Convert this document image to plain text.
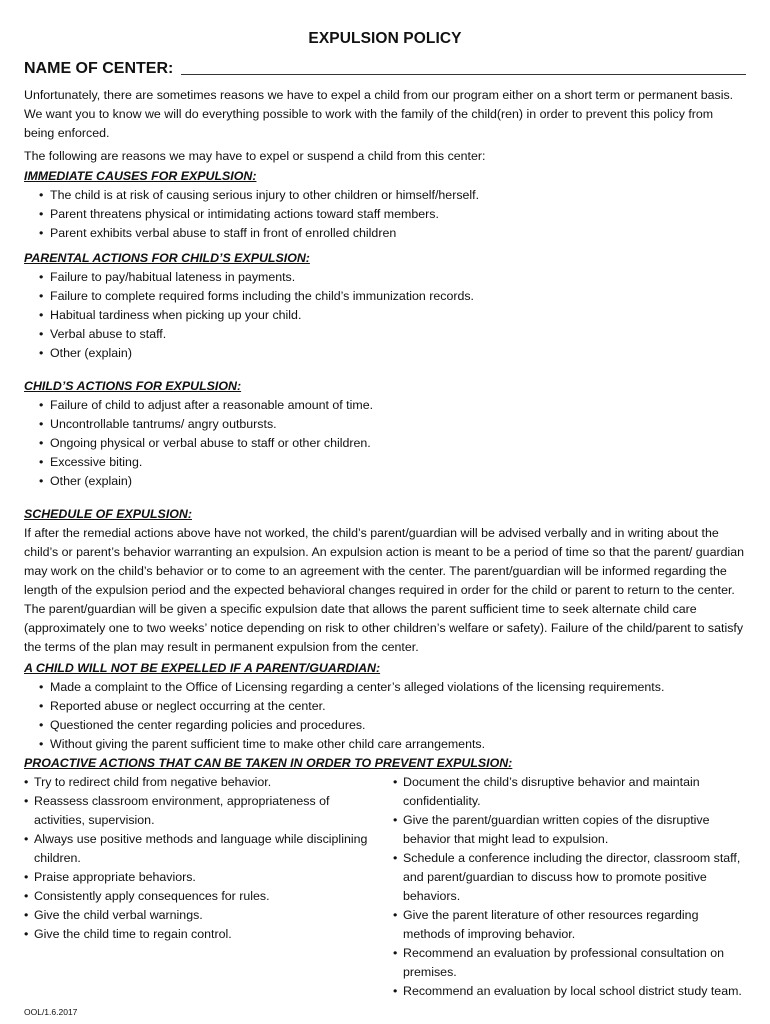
EXPULSION POLICY
NAME OF CENTER:

Unfortunately, there are sometimes reasons we have to expel a child from our program either on a short term or permanent basis. We want you to know we will do everything possible to work with the family of the child(ren) in order to prevent this policy from being enforced.

The following are reasons we may have to expel or suspend a child from this center:

IMMEDIATE CAUSES FOR EXPULSION:
• The child is at risk of causing serious injury to other children or himself/herself.
• Parent threatens physical or intimidating actions toward staff members.
• Parent exhibits verbal abuse to staff in front of enrolled children
PARENTAL ACTIONS FOR CHILD’S EXPULSION:
• Failure to pay/habitual lateness in payments.
• Failure to complete required forms including the child’s immunization records.
• Habitual tardiness when picking up your child.
• Verbal abuse to staff.
• Other (explain)
CHILD’S ACTIONS FOR EXPULSION:
• Failure of child to adjust after a reasonable amount of time.
• Uncontrollable tantrums/ angry outbursts.
• Ongoing physical or verbal abuse to staff or other children.
• Excessive biting.
• Other (explain)
SCHEDULE OF EXPULSION:

If after the remedial actions above have not worked, the child’s parent/guardian will be advised verbally and in writing about the child’s or parent’s behavior warranting an expulsion. An expulsion action is meant to be a period of time so that the parent/ guardian may work on the child’s behavior or to come to an agreement with the center. The parent/guardian will be informed regarding the length of the expulsion period and the expected behavioral changes required in order for the child or parent to return to the center. The parent/guardian will be given a specific expulsion date that allows the parent sufficient time to seek alternate child care (approximately one to two weeks’ notice depending on risk to other children’s welfare or safety). Failure of the child/parent to satisfy the terms of the plan may result in permanent expulsion from the center.

A CHILD WILL NOT BE EXPELLED IF A PARENT/GUARDIAN:
• Made a complaint to the Office of Licensing regarding a center’s alleged violations of the licensing requirements.
• Reported abuse or neglect occurring at the center.
• Questioned the center regarding policies and procedures.
• Without giving the parent sufficient time to make other child care arrangements.
PROACTIVE ACTIONS THAT CAN BE TAKEN IN ORDER TO PREVENT EXPULSION:
• Try to redirect child from negative behavior.
• Reassess classroom environment, appropriateness of activities, supervision.
• Always use positive methods and language while disciplining children.
• Praise appropriate behaviors.
• Consistently apply consequences for rules.
• Give the child verbal warnings.
• Give the child time to regain control.
• Document the child’s disruptive behavior and maintain confidentiality.
• Give the parent/guardian written copies of the disruptive behavior that might lead to expulsion.
• Schedule a conference including the director, classroom staff, and parent/guardian to discuss how to promote positive behaviors.
• Give the parent literature of other resources regarding methods of improving behavior.
• Recommend an evaluation by professional consultation on premises.
• Recommend an evaluation by local school district study team.
OOL/1.6.2017
